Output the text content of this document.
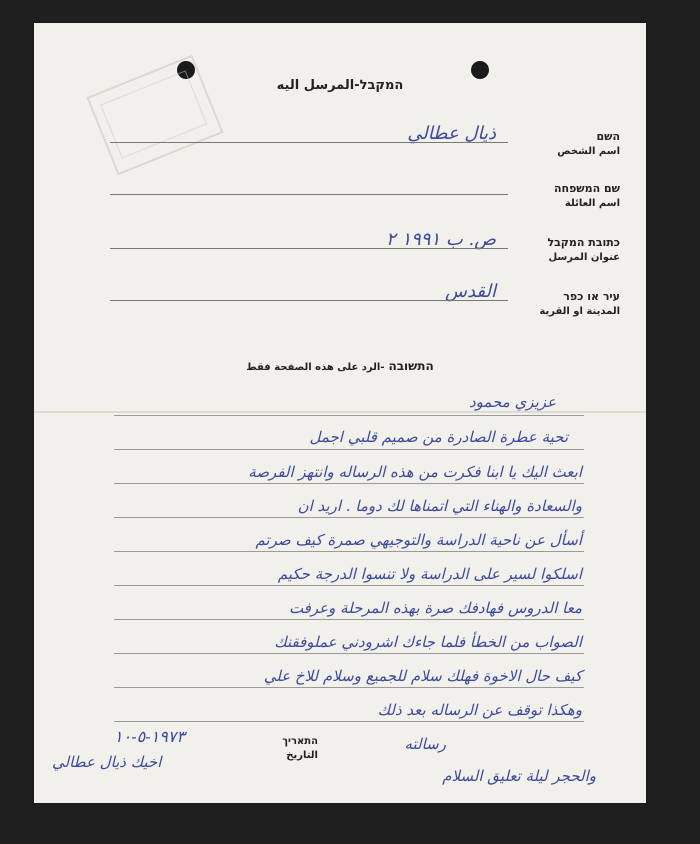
המקבל-المرسل اليه
ذيال عطالي	השם
اسم الشخص
שם המשפחה
اسم العائلة
ص. ب ١٩٩١ ٢	כתובת המקבל
عنوان المرسل
القدس	עיר או כפר
المدينة او القرية
התשובה-الرد على هذه الصفحة فقط
عزيزي محمود
تحية عطرة الصادرة من صميم قلبي اجمل
ابعث اليك يا ابنا فكرت من هذه الرساله وانتهز الفرصة
والسعادة والهناء التي اتمناها لك دوما . اريد ان
أسأل عن ناحية الدراسة والتوجيهي صمرة كيف صرتم
اسلكوا لسير على الدراسة ولا تنسوا الدرجة حكيم
معا الدروس فهادفك صرة بهذه المرحلة وعرفت
الصواب من الخطأ فلما جاءك اشرودني عملوفقنك
كيف حال الاخوة فهلك سلام للجميع وسلام للاخ علي
وهكذا توقف عن الرساله بعد ذلك
رسالته
والحجر ليلة تعليق السلام
١٩٧٣-٥-١٠	התאריך
التاريخ
اخيك ذيال عطالي
